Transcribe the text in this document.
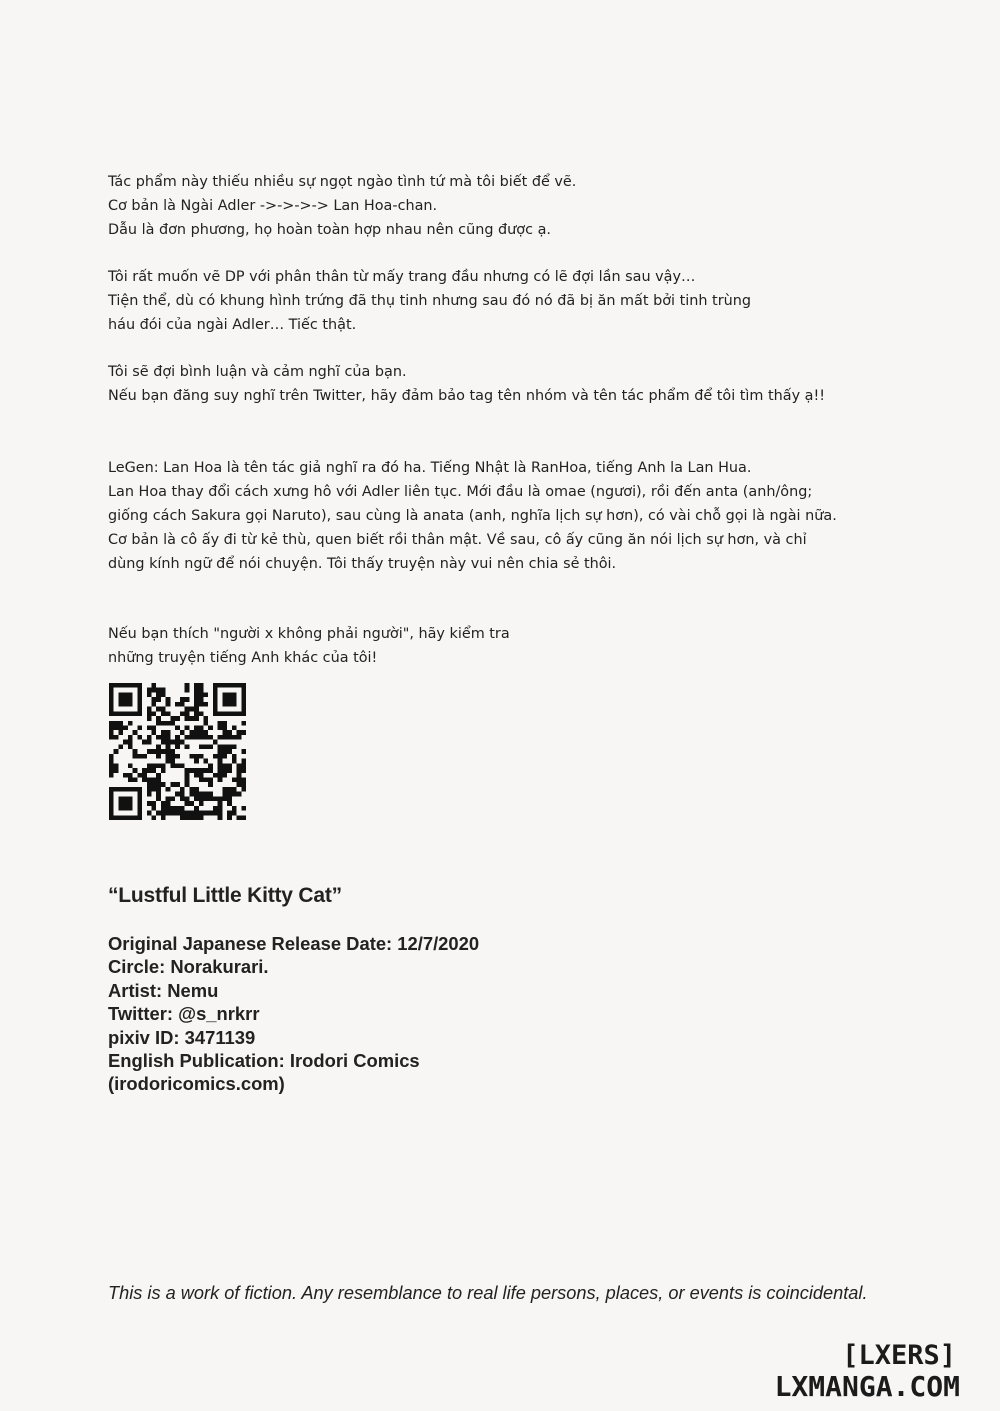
Tác phẩm này thiếu nhiều sự ngọt ngào tình tứ mà tôi biết để vẽ.
Cơ bản là Ngài Adler ->->->-> Lan Hoa-chan.
Dẫu là đơn phương, họ hoàn toàn hợp nhau nên cũng được ạ.
Tôi rất muốn vẽ DP với phân thân từ mấy trang đầu nhưng có lẽ đợi lần sau vậy…
Tiện thể, dù có khung hình trứng đã thụ tinh nhưng sau đó nó đã bị ăn mất bởi tinh trùng
háu đói của ngài Adler… Tiếc thật.
Tôi sẽ đợi bình luận và cảm nghĩ của bạn.
Nếu bạn đăng suy nghĩ trên Twitter, hãy đảm bảo tag tên nhóm và tên tác phẩm để tôi tìm thấy ạ!!
LeGen: Lan Hoa là tên tác giả nghĩ ra đó ha. Tiếng Nhật là RanHoa, tiếng Anh la Lan Hua.
Lan Hoa thay đổi cách xưng hô với Adler liên tục. Mới đầu là omae (ngươi), rồi đến anta (anh/ông;
giống cách Sakura gọi Naruto), sau cùng là anata (anh, nghĩa lịch sự hơn), có vài chỗ gọi là ngài nữa.
Cơ bản là cô ấy đi từ kẻ thù, quen biết rồi thân mật. Về sau, cô ấy cũng ăn nói lịch sự hơn, và chỉ
dùng kính ngữ để nói chuyện. Tôi thấy truyện này vui nên chia sẻ thôi.
Nếu bạn thích "người x không phải người", hãy kiểm tra
những truyện tiếng Anh khác của tôi!
“Lustful Little Kitty Cat”
Original Japanese Release Date: 12/7/2020
Circle: Norakurari.
Artist: Nemu
Twitter: @s_nrkrr
pixiv ID: 3471139
English Publication: Irodori Comics
(irodoricomics.com)
This is a work of fiction. Any resemblance to real life persons, places, or events is coincidental.
[LXERS]
LXMANGA.COM
